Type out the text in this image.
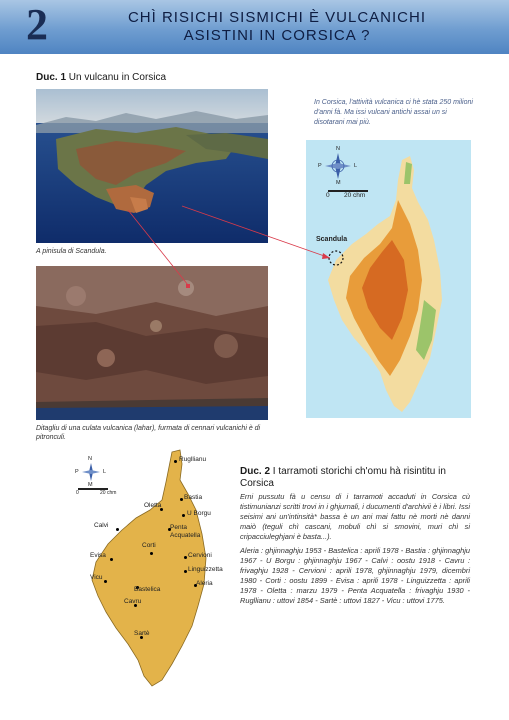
2	CHÌ RISICHI SISMICHI È VULCANICHI
ASISTINI IN CORSICA ?
Duc. 1 Un vulcanu in Corsica
A pinisula di Scandula.
Ditagliu di una culata vulcanica (lahar), furmata di cennari vulcanichi è di pitronculi.
In Corsica, l'attività vulcanica ci hè stata 250 milioni d'anni fà. Ma issi vulcani antichi assai un si disotarani mai più.
N
M
P	L
0 20 chm
Scandula
N
M
P	L
0	20 chm
Rugllianu
Bastia
Oletta
U Borgu
Calvi	Penta Acquatella
Corti
Cervioni
Evisa
Linguizzetta
Vicu
Aleria
Bastelica
Cavru
Sartè
Duc. 2 I tarramoti storichi ch'omu hà risintitu in Corsica
Erni pussutu fà u censu di i tarramoti accaduti in Corsica cù tistimunianzi scritti trovi in i ghjurnali, i ducumenti d'archivii è i libri. Issi seisimi ani un'intinsità* bassa è un ani mai fattu nè morti nè danni maiò (teguli chì cascani, mobuli chì si smovini, muri chì si cripacciuleghjani è basta...).
Aleria : ghjinnaghju 1953 - Bastelica : aprili 1978 - Bastia : ghjinnaghju 1967 - U Borgu : ghjinnaghju 1967 - Calvi : oostu 1918 - Cavru : frivaghju 1928 - Cervioni : aprili 1978, ghjinnaghju 1979, dicembri 1980 - Corti : oostu 1899 - Evisa : aprili 1978 - Linguizzetta : aprili 1978 - Oletta : marzu 1979 - Penta Acquatella : frivaghju 1930 - Rugllianu : uttovi 1854 - Sartè : uttovi 1827 - Vicu : uttovi 1775.
